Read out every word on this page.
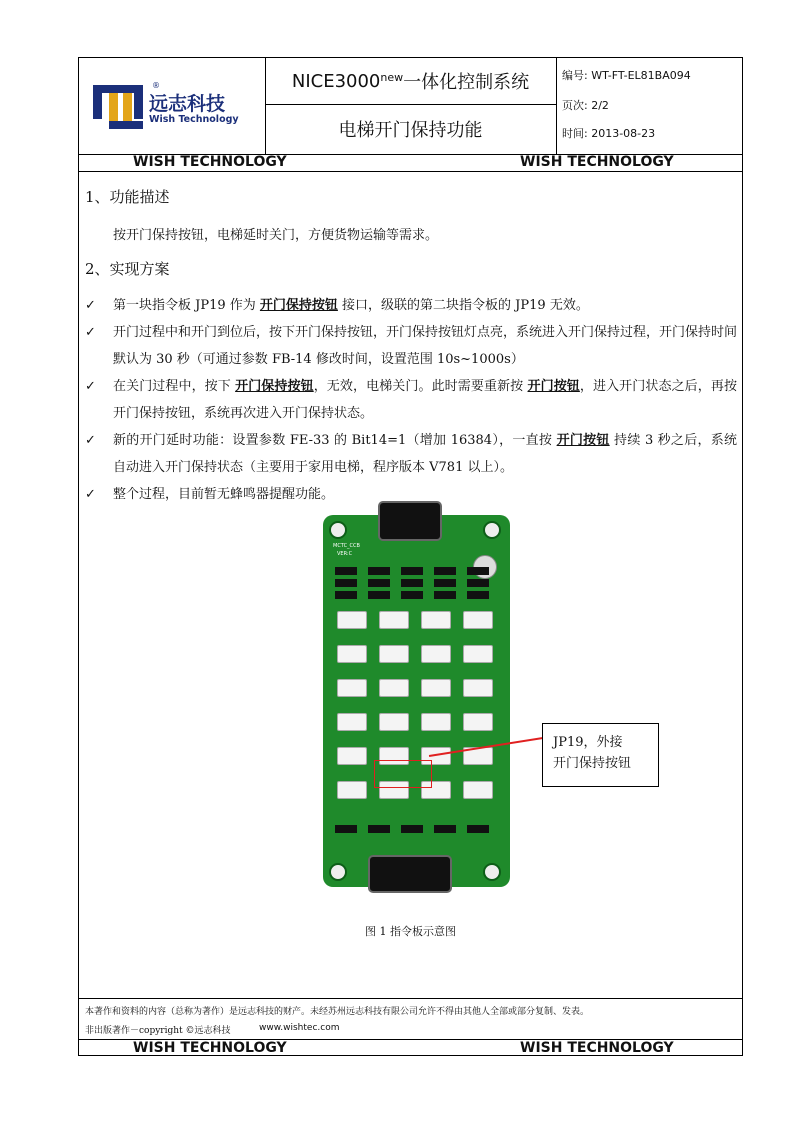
远志科技
Wish Technology
®	$NICE3000^{new}$ 一体化控制系统
电梯开门保持功能
编号: WT-FT-EL81BA094
页次: 2/2
时间: 2013-08-23
WISH TECHNOLOGY	WISH TECHNOLOGY
1、功能描述
按开门保持按钮，电梯延时关门，方便货物运输等需求。
2、实现方案
✓	第一块指令板 JP19 作为 开门保持按钮 接口，级联的第二块指令板的 JP19 无效。
✓	开门过程中和开门到位后，按下开门保持按钮，开门保持按钮灯点亮，系统进入开门保持过程，开门保持时间默认为 30 秒（可通过参数 FB-14 修改时间，设置范围 10s~1000s）
✓	在关门过程中，按下 开门保持按钮，无效，电梯关门。此时需要重新按 开门按钮，进入开门状态之后，再按开门保持按钮，系统再次进入开门保持状态。
✓	新的开门延时功能：设置参数 FE-33 的 Bit14=1（增加 16384），一直按 开门按钮 持续 3 秒之后，系统自动进入开门保持状态（主要用于家用电梯，程序版本 V781 以上）。
✓	整个过程，目前暂无蜂鸣器提醒功能。
MCTC_CCB
VER:C
JP19，外接
开门保持按钮
图 1 指令板示意图
本著作和资料的内容（总称为著作）是远志科技的财产。未经苏州远志科技有限公司允许不得由其他人全部或部分复制、发表。
非出版著作－copyright ©远志科技	www.wishtec.com
WISH TECHNOLOGY	WISH TECHNOLOGY
